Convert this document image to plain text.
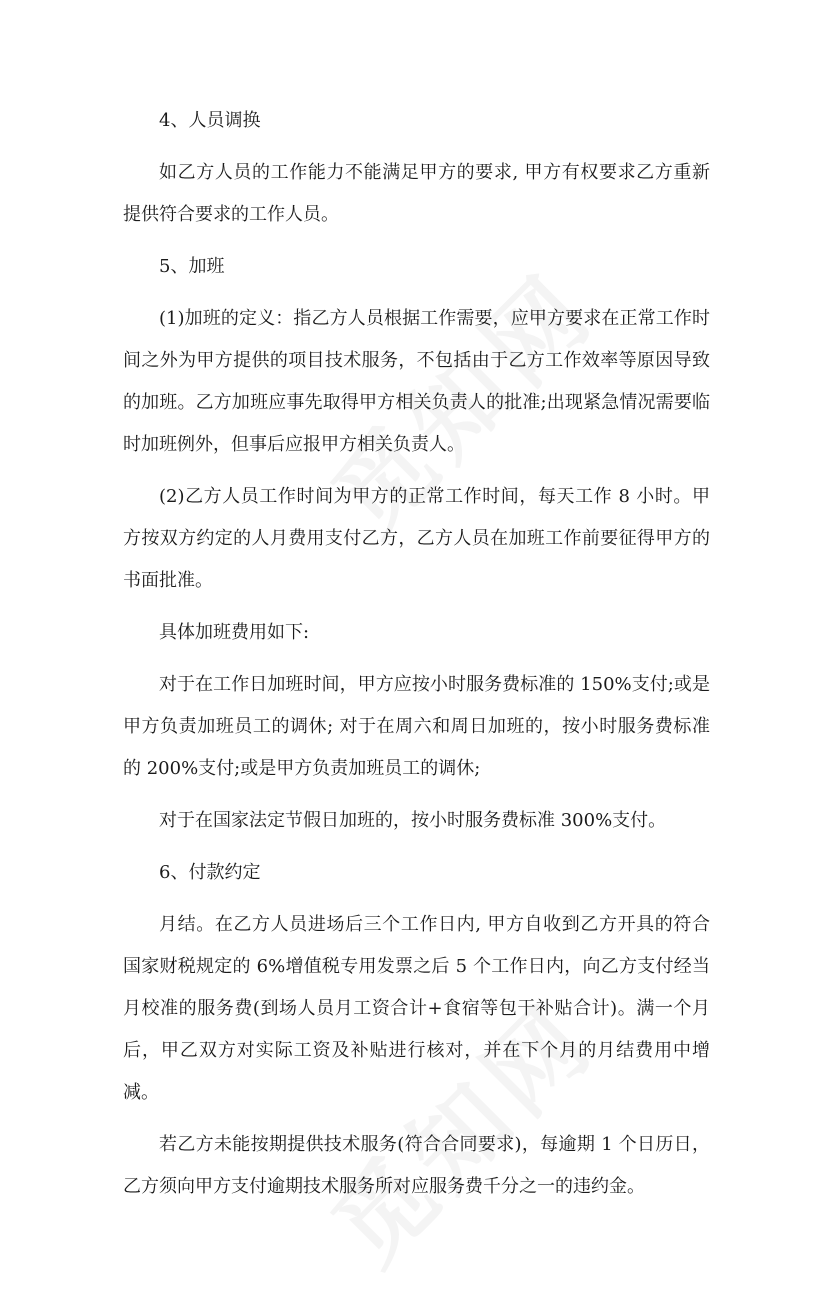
4、人员调换

如乙方人员的工作能力不能满足甲方的要求, 甲方有权要求乙方重新提供符合要求的工作人员。

5、加班

(1)加班的定义：指乙方人员根据工作需要，应甲方要求在正常工作时间之外为甲方提供的项目技术服务，不包括由于乙方工作效率等原因导致的加班。乙方加班应事先取得甲方相关负责人的批准;出现紧急情况需要临时加班例外，但事后应报甲方相关负责人。

(2)乙方人员工作时间为甲方的正常工作时间，每天工作 8 小时。甲方按双方约定的人月费用支付乙方，乙方人员在加班工作前要征得甲方的书面批准。

具体加班费用如下:

对于在工作日加班时间，甲方应按小时服务费标准的 150%支付;或是甲方负责加班员工的调休; 对于在周六和周日加班的，按小时服务费标准的 200%支付;或是甲方负责加班员工的调休;

对于在国家法定节假日加班的，按小时服务费标准 300%支付。

6、付款约定

月结。在乙方人员进场后三个工作日内, 甲方自收到乙方开具的符合国家财税规定的 6%增值税专用发票之后 5 个工作日内，向乙方支付经当月校准的服务费(到场人员月工资合计+食宿等包干补贴合计)。满一个月后，甲乙双方对实际工资及补贴进行核对，并在下个月的月结费用中增减。

若乙方未能按期提供技术服务(符合合同要求)，每逾期 1 个日历日，乙方须向甲方支付逾期技术服务所对应服务费千分之一的违约金。
